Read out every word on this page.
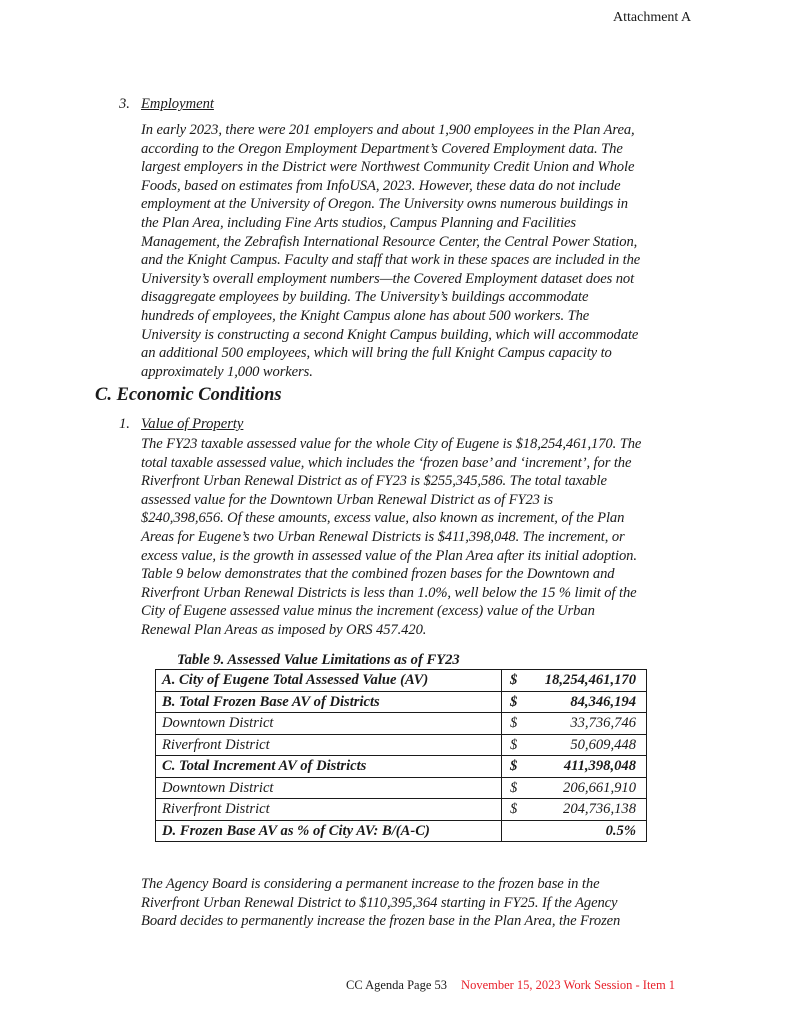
Attachment A
3. Employment
In early 2023, there were 201 employers and about 1,900 employees in the Plan Area,
according to the Oregon Employment Department’s Covered Employment data. The
largest employers in the District were Northwest Community Credit Union and Whole
Foods, based on estimates from InfoUSA, 2023. However, these data do not include
employment at the University of Oregon. The University owns numerous buildings in
the Plan Area, including Fine Arts studios, Campus Planning and Facilities
Management, the Zebrafish International Resource Center, the Central Power Station,
and the Knight Campus. Faculty and staff that work in these spaces are included in the
University’s overall employment numbers—the Covered Employment dataset does not
disaggregate employees by building. The University’s buildings accommodate
hundreds of employees, the Knight Campus alone has about 500 workers. The
University is constructing a second Knight Campus building, which will accommodate
an additional 500 employees, which will bring the full Knight Campus capacity to
approximately 1,000 workers.
C. Economic Conditions
1. Value of Property
The FY23 taxable assessed value for the whole City of Eugene is $18,254,461,170. The
total taxable assessed value, which includes the ‘frozen base’ and ‘increment’, for the
Riverfront Urban Renewal District as of FY23 is $255,345,586. The total taxable
assessed value for the Downtown Urban Renewal District as of FY23 is
$240,398,656. Of these amounts, excess value, also known as increment, of the Plan
Areas for Eugene’s two Urban Renewal Districts is $411,398,048. The increment, or
excess value, is the growth in assessed value of the Plan Area after its initial adoption.
Table 9 below demonstrates that the combined frozen bases for the Downtown and
Riverfront Urban Renewal Districts is less than 1.0%, well below the 15 % limit of the
City of Eugene assessed value minus the increment (excess) value of the Urban
Renewal Plan Areas as imposed by ORS 457.420.
Table 9. Assessed Value Limitations as of FY23
A. City of Eugene Total Assessed Value (AV)	$ 18,254,461,170
B. Total Frozen Base AV of Districts	$ 84,346,194
Downtown District	$ 33,736,746
Riverfront District	$ 50,609,448
C. Total Increment AV of Districts	$ 411,398,048
Downtown District	$ 206,661,910
Riverfront District	$ 204,736,138
D. Frozen Base AV as % of City AV: B/(A-C)	0.5%
The Agency Board is considering a permanent increase to the frozen base in the
Riverfront Urban Renewal District to $110,395,364 starting in FY25. If the Agency
Board decides to permanently increase the frozen base in the Plan Area, the Frozen
CC Agenda Page 53 November 15, 2023 Work Session - Item 1
